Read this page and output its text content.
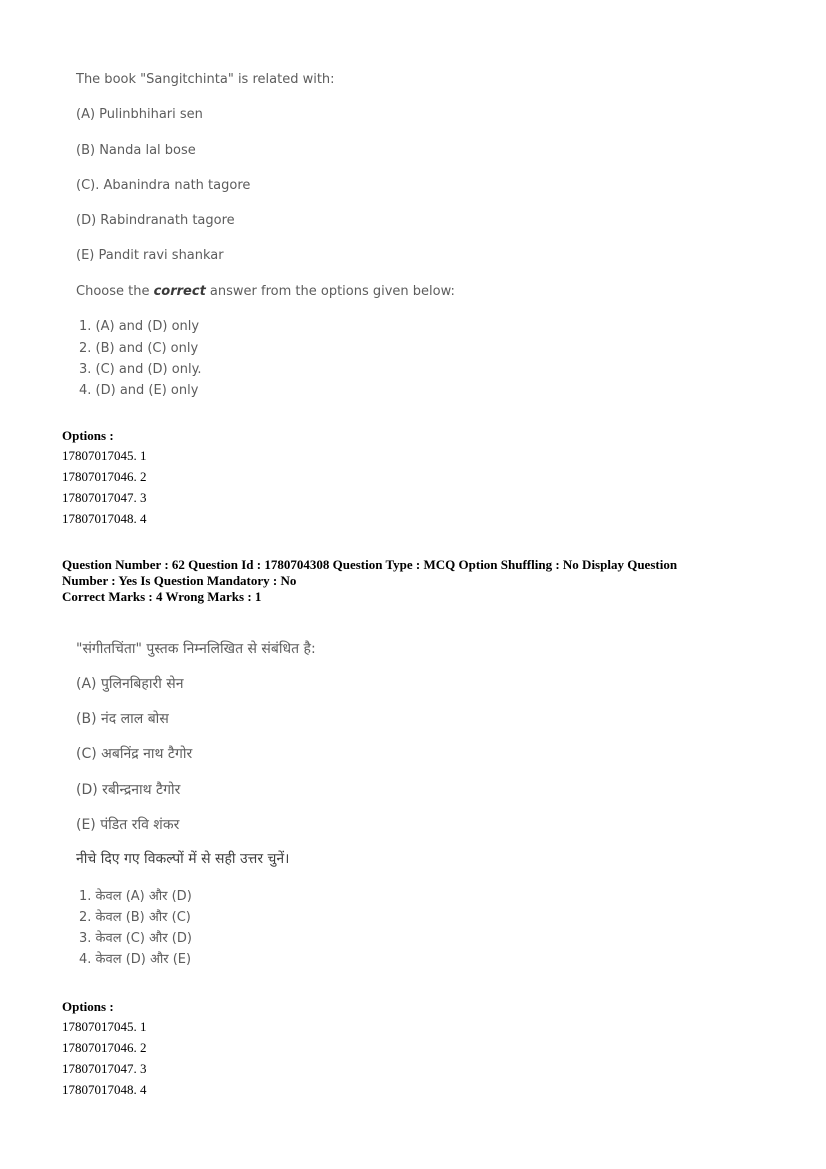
The book "Sangitchinta" is related with:
(A) Pulinbhihari sen
(B) Nanda lal bose
(C). Abanindra nath tagore
(D) Rabindranath tagore
(E) Pandit ravi shankar
Choose the correct answer from the options given below:
1. (A) and (D) only
2. (B) and (C) only
3. (C) and (D) only.
4. (D) and (E) only
Options :
17807017045. 1
17807017046. 2
17807017047. 3
17807017048. 4
Question Number : 62 Question Id : 1780704308 Question Type : MCQ Option Shuffling : No Display Question
Number : Yes Is Question Mandatory : No
Correct Marks : 4 Wrong Marks : 1
"संगीतचिंता" पुस्तक निम्नलिखित से संबंधित है:
(A) पुलिनबिहारी सेन
(B) नंद लाल बोस
(C) अबनिंद्र नाथ टैगोर
(D) रबीन्द्रनाथ टैगोर
(E) पंडित रवि शंकर
नीचे दिए गए विकल्पों में से सही उत्तर चुनें।
1. केवल (A) और (D)
2. केवल (B) और (C)
3. केवल (C) और (D)
4. केवल (D) और (E)
Options :
17807017045. 1
17807017046. 2
17807017047. 3
17807017048. 4
